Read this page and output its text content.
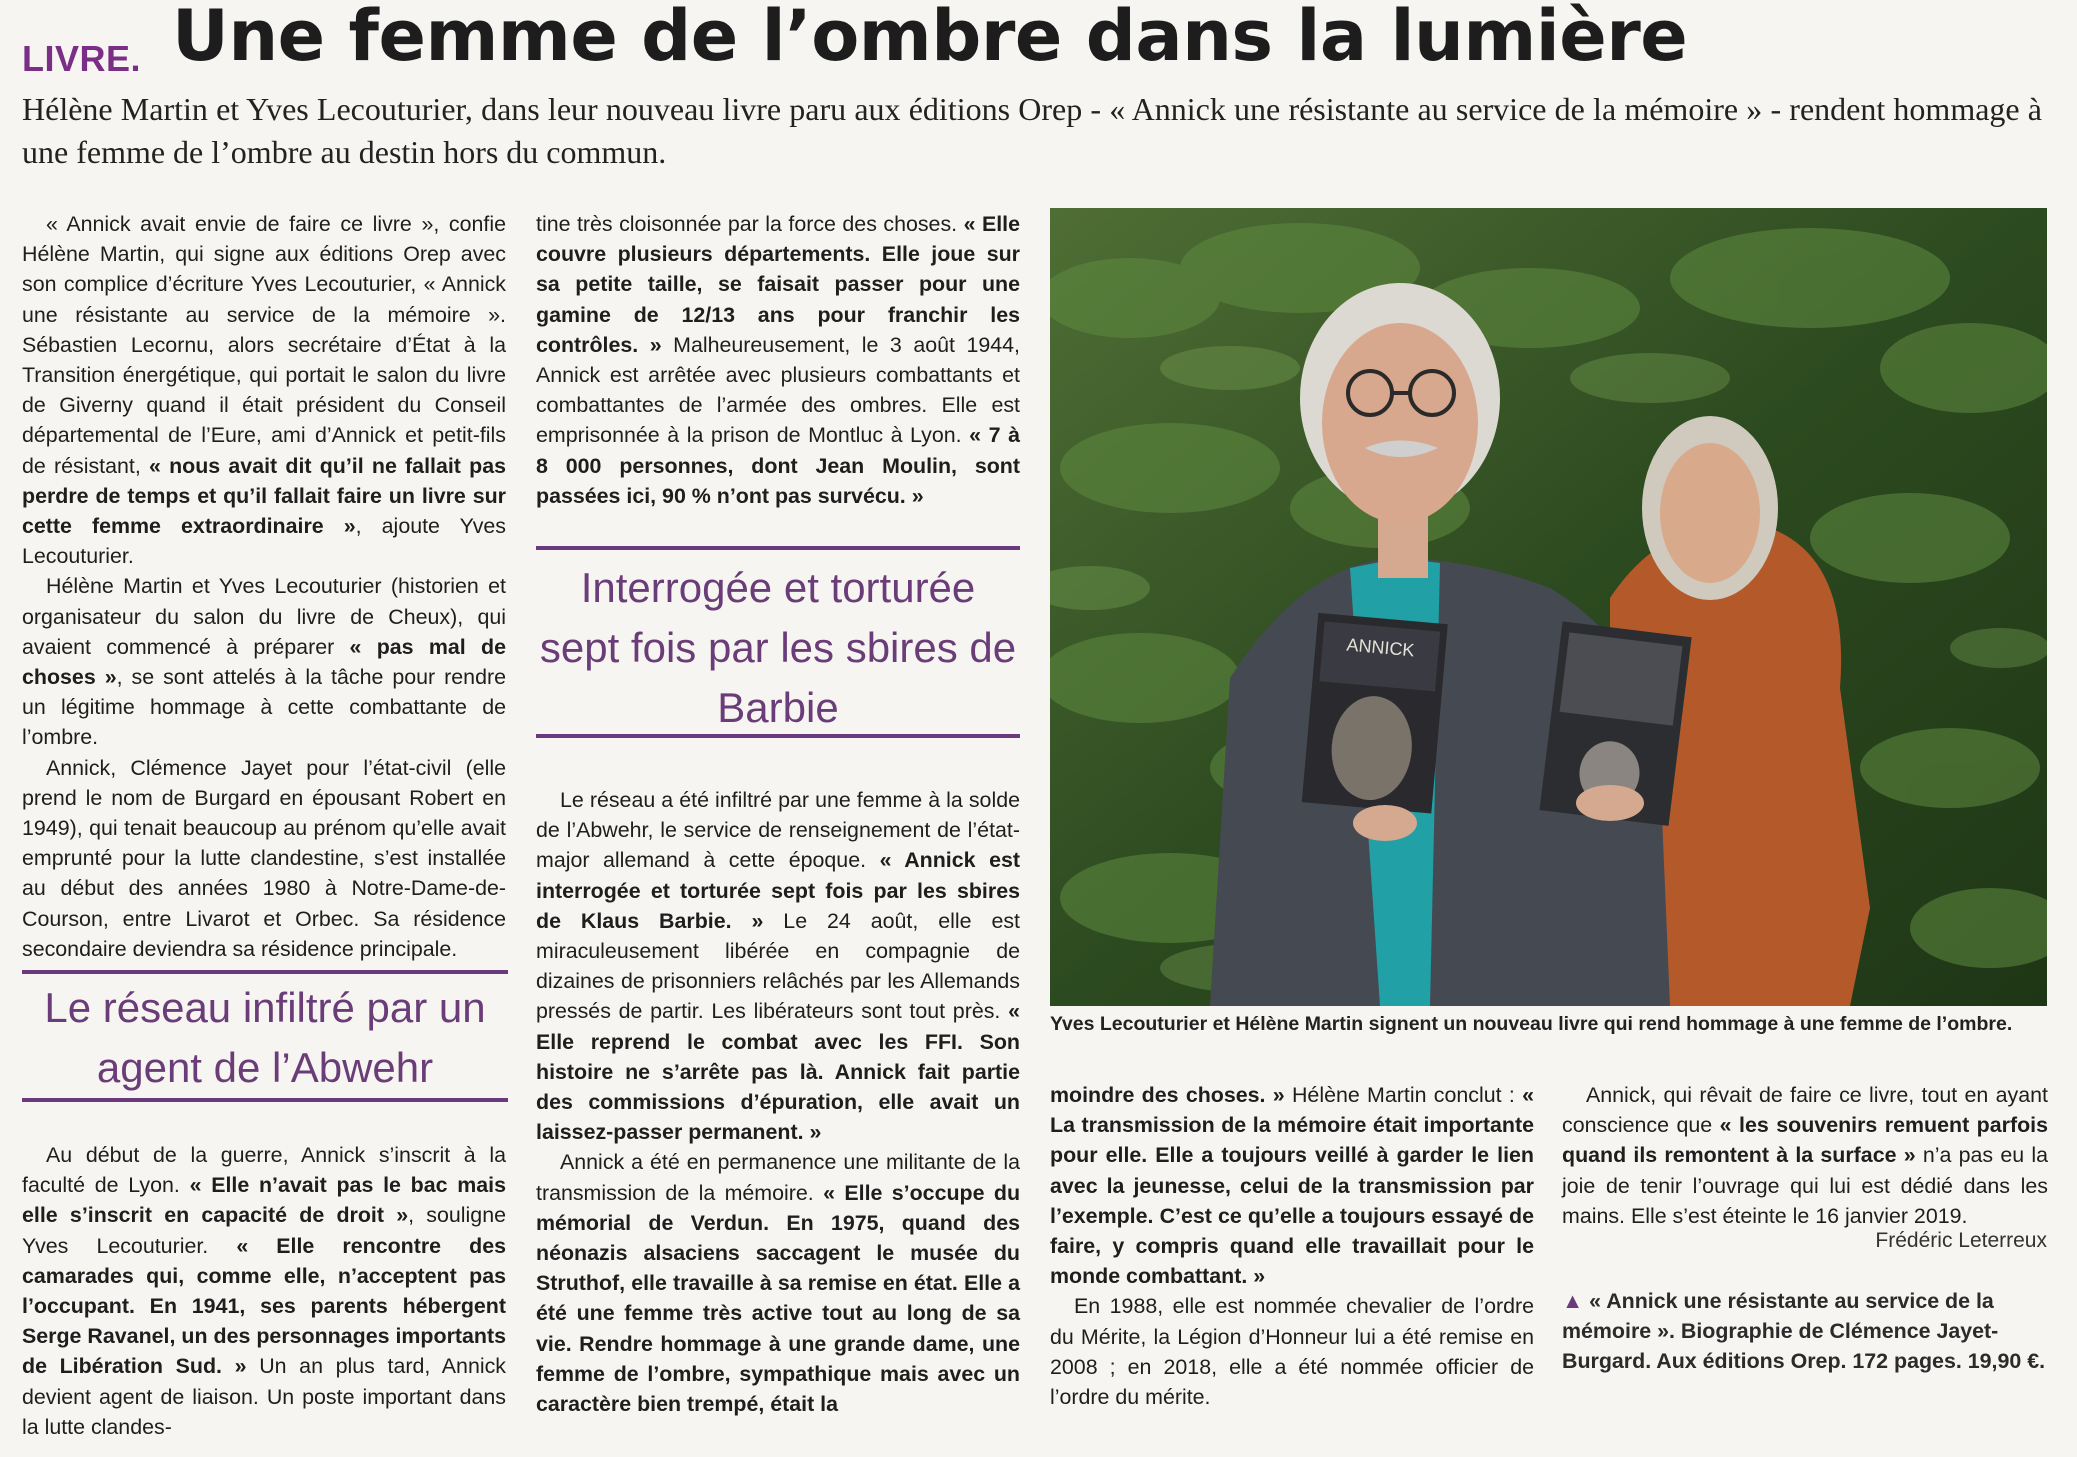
LIVRE. Une femme de l’ombre dans la lumière
Hélène Martin et Yves Lecouturier, dans leur nouveau livre paru aux éditions Orep - « Annick une résistante au service de la mémoire » - rendent hommage à une femme de l’ombre au destin hors du commun.

« Annick avait envie de faire ce livre », confie Hélène Martin, qui signe aux éditions Orep avec son complice d’écriture Yves Lecouturier, « Annick une résistante au service de la mémoire ». Sébastien Lecornu, alors secrétaire d’État à la Transition énergétique, qui portait le salon du livre de Giverny quand il était président du Conseil départemental de l’Eure, ami d’Annick et petit-fils de résistant, « nous avait dit qu’il ne fallait pas perdre de temps et qu’il fallait faire un livre sur cette femme extraordinaire », ajoute Yves Lecouturier.

Hélène Martin et Yves Lecouturier (historien et organisateur du salon du livre de Cheux), qui avaient commencé à préparer « pas mal de choses », se sont attelés à la tâche pour rendre un légitime hommage à cette combattante de l’ombre.

Annick, Clémence Jayet pour l’état-civil (elle prend le nom de Burgard en épousant Robert en 1949), qui tenait beaucoup au prénom qu’elle avait emprunté pour la lutte clandestine, s’est installée au début des années 1980 à Notre-Dame-de-Courson, entre Livarot et Orbec. Sa résidence secondaire deviendra sa résidence principale.

Le réseau infiltré par un agent de l’Abwehr

Au début de la guerre, Annick s’inscrit à la faculté de Lyon. « Elle n’avait pas le bac mais elle s’inscrit en capacité de droit », souligne Yves Lecouturier. « Elle rencontre des camarades qui, comme elle, n’acceptent pas l’occupant. En 1941, ses parents hébergent Serge Ravanel, un des personnages importants de Libération Sud. » Un an plus tard, Annick devient agent de liaison. Un poste important dans la lutte clandes-

tine très cloisonnée par la force des choses. « Elle couvre plusieurs départements. Elle joue sur sa petite taille, se faisait passer pour une gamine de 12/13 ans pour franchir les contrôles. » Malheureusement, le 3 août 1944, Annick est arrêtée avec plusieurs combattants et combattantes de l’armée des ombres. Elle est emprisonnée à la prison de Montluc à Lyon. « 7 à 8 000 personnes, dont Jean Moulin, sont passées ici, 90 % n’ont pas survécu. »

Interrogée et torturée sept fois par les sbires de Barbie

Le réseau a été infiltré par une femme à la solde de l’Abwehr, le service de renseignement de l’état-major allemand à cette époque. « Annick est interrogée et torturée sept fois par les sbires de Klaus Barbie. » Le 24 août, elle est miraculeusement libérée en compagnie de dizaines de prisonniers relâchés par les Allemands pressés de partir. Les libérateurs sont tout près. « Elle reprend le combat avec les FFI. Son histoire ne s’arrête pas là. Annick fait partie des commissions d’épuration, elle avait un laissez-passer permanent. »

Annick a été en permanence une militante de la transmission de la mémoire. « Elle s’occupe du mémorial de Verdun. En 1975, quand des néonazis alsaciens saccagent le musée du Struthof, elle travaille à sa remise en état. Elle a été une femme très active tout au long de sa vie. Rendre hommage à une grande dame, une femme de l’ombre, sympathique mais avec un caractère bien trempé, était la

ANNICK
Yves Lecouturier et Hélène Martin signent un nouveau livre qui rend hommage à une femme de l’ombre.

moindre des choses. » Hélène Martin conclut : « La transmission de la mémoire était importante pour elle. Elle a toujours veillé à garder le lien avec la jeunesse, celui de la transmission par l’exemple. C’est ce qu’elle a toujours essayé de faire, y compris quand elle travaillait pour le monde combattant. »

En 1988, elle est nommée chevalier de l’ordre du Mérite, la Légion d’Honneur lui a été remise en 2008 ; en 2018, elle a été nommée officier de l’ordre du mérite.

Annick, qui rêvait de faire ce livre, tout en ayant conscience que « les souvenirs remuent parfois quand ils remontent à la surface » n’a pas eu la joie de tenir l’ouvrage qui lui est dédié dans les mains. Elle s’est éteinte le 16 janvier 2019.

Frédéric Leterreux
▲ « Annick une résistante au service de la mémoire ». Biographie de Clémence Jayet-Burgard. Aux éditions Orep. 172 pages. 19,90 €.
